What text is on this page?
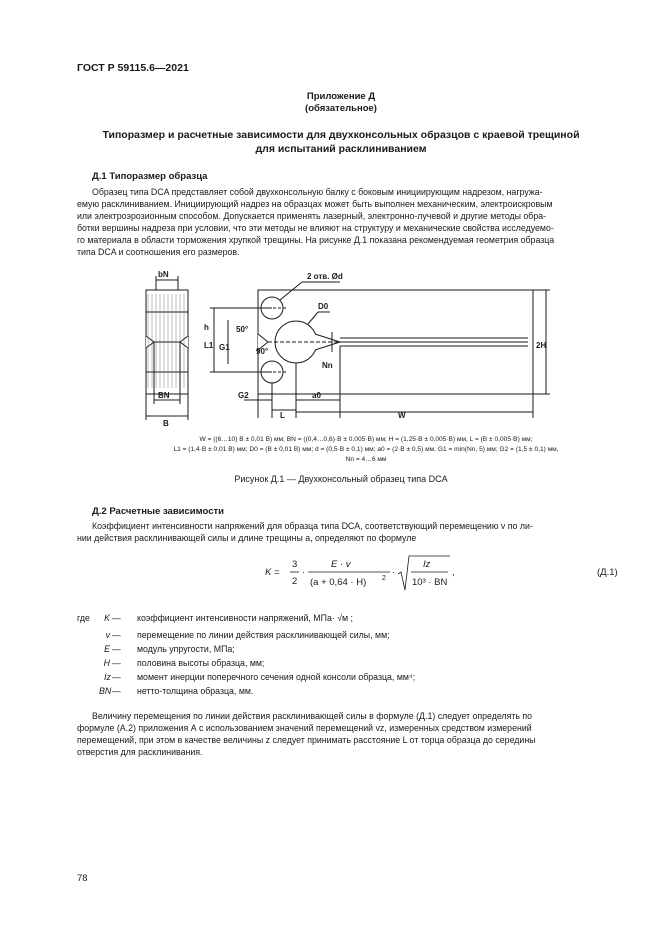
ГОСТ Р 59115.6—2021
Приложение Д
(обязательное)
Типоразмер и расчетные зависимости для двухконсольных образцов с краевой трещиной
для испытаний расклиниванием
Д.1 Типоразмер образца
Образец типа DCA представляет собой двухконсольную балку с боковым инициирующим надрезом, нагружа-
емую расклиниванием. Инициирующий надрез на образцах может быть выполнен механическим, электроискровым
или электроэрозионным способом. Допускается применять лазерный, электронно-лучевой и другие методы обра-
ботки вершины надреза при условии, что эти методы не влияют на структуру и механические свойства исследуемо-
го материала в области торможения хрупкой трещины. На рисунке Д.1 показана рекомендуемая геометрия образца
типа DCA и соотношения его размеров.
bN	2 отв. Ød
D0
50°
90°
h
L1 G1
Nn
2H
BN
B
G2
L
a0
W
W = ((6…10) B ± 0,01 B) мм; BN = ((0,4…0,6)·B ± 0,005·B) мм; H = (1,25·B ± 0,005·B) мм, L = (B ± 0,005·B) мм;
L1 = (1,4·B ± 0,01 B) мм; D0 = (B ± 0,01 B) мм; d = (0,5·B ± 0,1) мм; a0 = (2·B ± 0,5) мм. G1 = min(Nn, 5) мм; G2 = (1,5 ± 0,1) мм,
Nn = 4…6 мм
Рисунок Д.1 — Двухконсольный образец типа DCA
Д.2 Расчетные зависимости
Коэффициент интенсивности напряжений для образца типа DCA, соответствующий перемещению v по ли-
нии действия расклинивающей силы и длине трещины a, определяют по формуле
K =
3
2
·
E · v
(a + 0,64 · H) 2
·
Iz
10³ · BN
,	(Д.1)
где	K — коэффициент интенсивности напряжений, МПа· √м ;
v — перемещение по линии действия расклинивающей силы, мм;
E — модуль упругости, МПа;
H — половина высоты образца, мм;
Iz — момент инерции поперечного сечения одной консоли образца, мм⁴;
BN — нетто-толщина образца, мм.
Величину перемещения по линии действия расклинивающей силы в формуле (Д.1) следует определять по
формуле (А.2) приложения А с использованием значений перемещений vz, измеренных средством измерений
перемещений, при этом в качестве величины z следует принимать расстояние L от торца образца до середины
отверстия для расклинивания.
78
